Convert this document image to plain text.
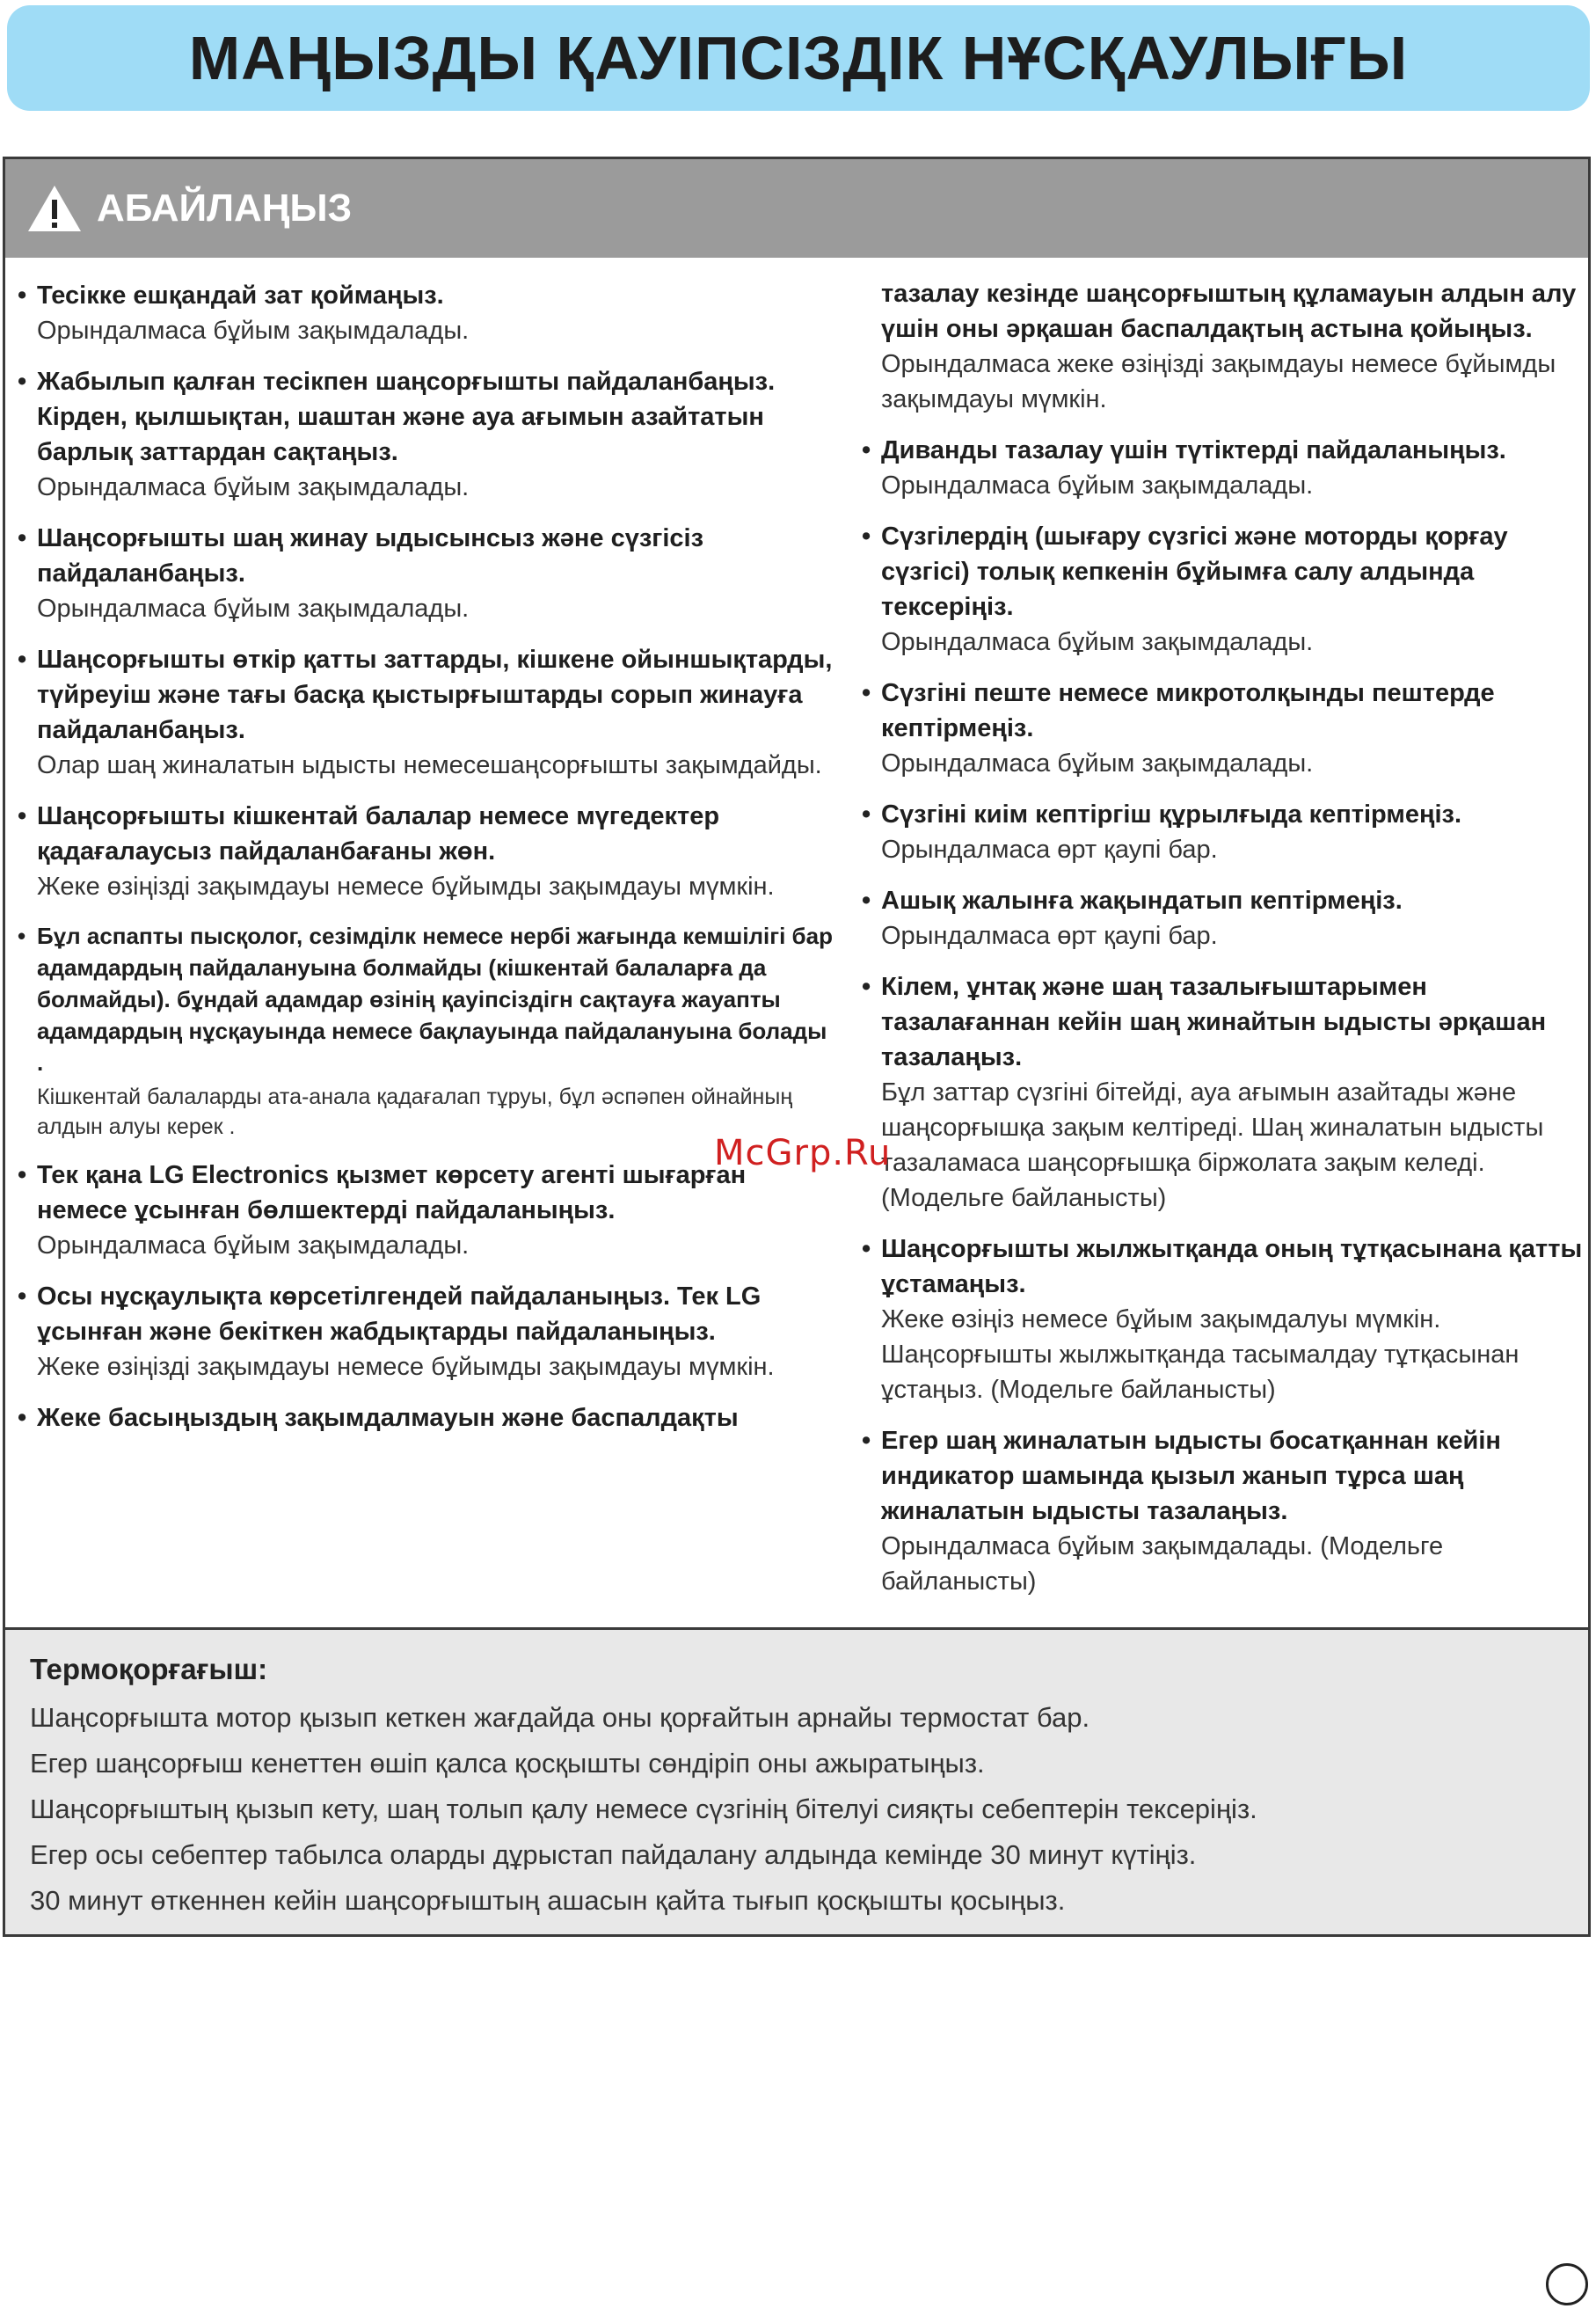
МАҢЫЗДЫ ҚАУІПСІЗДІК НҰСҚАУЛЫҒЫ
АБАЙЛАҢЫЗ
• Тесікке ешқандай зат қоймаңыз.
Орындалмаса бұйым зақымдалады.
• Жабылып қалған тесікпен шаңсорғышты пайдаланбаңыз. Кірден, қылшықтан, шаштан және ауа ағымын азайтатын барлық заттардан сақтаңыз.
Орындалмаса бұйым зақымдалады.
• Шаңсорғышты шаң жинау ыдысынсыз және сүзгісіз пайдаланбаңыз.
Орындалмаса бұйым зақымдалады.
• Шаңсорғышты өткір қатты заттарды, кішкене ойыншықтарды, түйреуіш және тағы басқа қыстырғыштарды сорып жинауға пайдаланбаңыз.
Олар шаң жиналатын ыдысты немесешаңсорғышты зақымдайды.
• Шаңсорғышты кішкентай балалар немесе мүгедектер қадағалаусыз пайдаланбағаны жөн.
Жеке өзіңізді зақымдауы немесе бұйымды зақымдауы мүмкін.
• Бұл аспапты пысқолог, сезімділк немесе нербі жағында кемшілігі бар адамдардың пайдалануына болмайды (кішкентай балаларға да болмайды). бұндай адамдар өзінің қауіпсіздігн сақтауға жауапты адамдардың нұсқауында немесе бақлауында пайдалануына болады .
Кішкентай балаларды ата-анала қадағалап тұруы, бұл әспәпен ойнайның алдын алуы керек .
• Тек қана LG Electronics қызмет көрсету агенті шығарған немесе ұсынған бөлшектерді пайдаланыңыз.
Орындалмаса бұйым зақымдалады.
• Осы нұсқаулықта көрсетілгендей пайдаланыңыз. Тек LG ұсынған және бекіткен жабдықтарды пайдаланыңыз.
Жеке өзіңізді зақымдауы немесе бұйымды зақымдауы мүмкін.
• Жеке басыңыздың зақымдалмауын және баспалдақты
тазалау кезінде шаңсорғыштың құламауын алдын алу үшін оны әрқашан баспалдақтың астына қойыңыз.
Орындалмаса жеке өзіңізді зақымдауы немесе бұйымды зақымдауы мүмкін.
• Диванды тазалау үшін түтіктерді пайдаланыңыз.
Орындалмаса бұйым зақымдалады.
• Сүзгілердің (шығару сүзгісі және моторды қорғау сүзгісі) толық кепкенін бұйымға салу алдында тексеріңіз.
Орындалмаса бұйым зақымдалады.
• Сүзгіні пеште немесе микротолқынды пештерде кептірмеңіз.
Орындалмаса бұйым зақымдалады.
• Сүзгіні киім кептіргіш құрылғыда кептірмеңіз.
Орындалмаса өрт қаупі бар.
• Ашық жалынға жақындатып кептірмеңіз.
Орындалмаса өрт қаупі бар.
• Кілем, ұнтақ және шаң тазалығыштарымен тазалағаннан кейін шаң жинайтын ыдысты әрқашан тазалаңыз.
Бұл заттар сүзгіні бітейді, ауа ағымын азайтады және шаңсорғышқа зақым келтіреді. Шаң жиналатын ыдысты тазаламаса шаңсорғышқа біржолата зақым келеді. (Модельге байланысты)
• Шаңсорғышты жылжытқанда оның тұтқасынана қатты ұстамаңыз.
Жеке өзіңіз немесе бұйым зақымдалуы мүмкін. Шаңсорғышты жылжытқанда тасымалдау тұтқасынан ұстаңыз. (Модельге байланысты)
• Егер шаң жиналатын ыдысты босатқаннан кейін индикатор шамында қызыл жанып тұрса шаң жиналатын ыдысты тазалаңыз.
Орындалмаса бұйым зақымдалады. (Модельге байланысты)
McGrp.Ru
Термоқорғағыш:
Шаңсорғышта мотор қызып кеткен жағдайда оны қорғайтын арнайы термостат бар.
Егер шаңсорғыш кенеттен өшіп қалса қосқышты сөндіріп оны ажыратыңыз.
Шаңсорғыштың қызып кету, шаң толып қалу немесе сүзгінің бітелуі сияқты себептерін тексеріңіз.
Егер осы себептер табылса оларды дұрыстап пайдалану алдында кемінде 30 минут күтіңіз.
30 минут өткеннен кейін шаңсорғыштың ашасын қайта тығып қосқышты қосыңыз.
